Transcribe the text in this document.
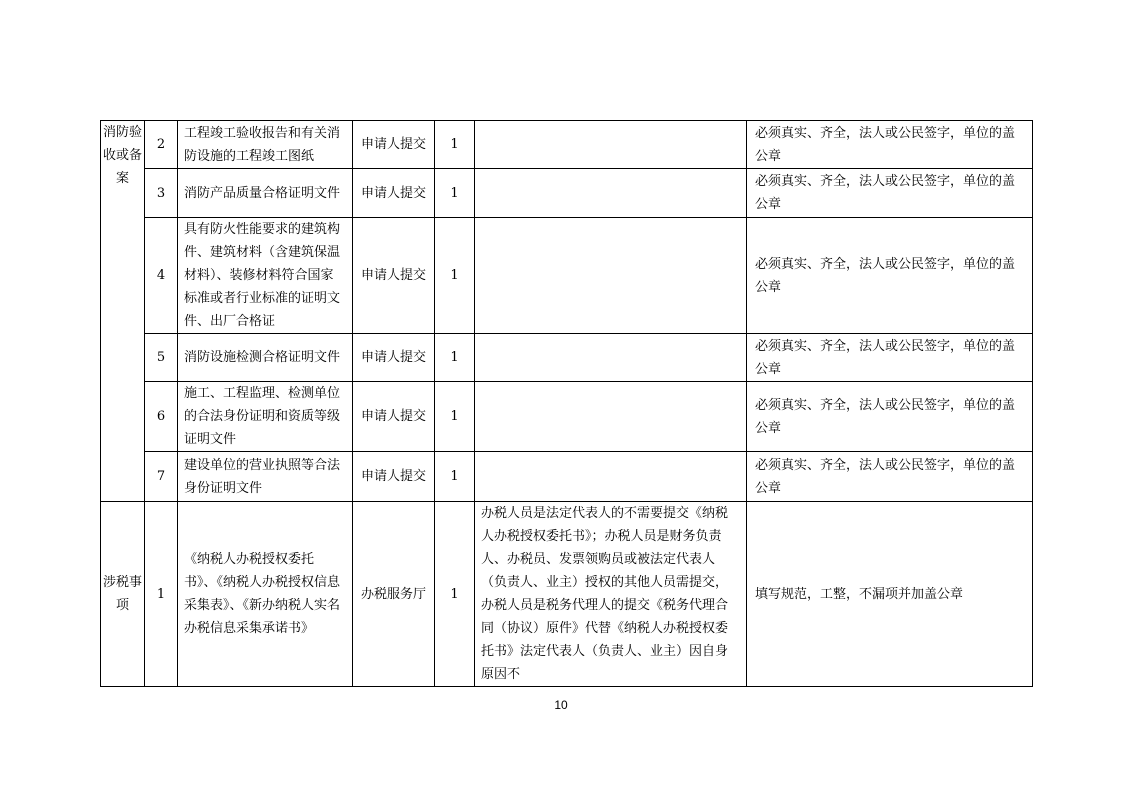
消防验收或备案	2	工程竣工验收报告和有关消防设施的工程竣工图纸	申请人提交	1		必须真实、齐全，法人或公民签字，单位的盖公章
	3	消防产品质量合格证明文件	申请人提交	1		必须真实、齐全，法人或公民签字，单位的盖公章
	4	具有防火性能要求的建筑构件、建筑材料（含建筑保温材料）、装修材料符合国家标准或者行业标准的证明文件、出厂合格证	申请人提交	1		必须真实、齐全，法人或公民签字，单位的盖公章
	5	消防设施检测合格证明文件	申请人提交	1		必须真实、齐全，法人或公民签字，单位的盖公章
	6	施工、工程监理、检测单位的合法身份证明和资质等级证明文件	申请人提交	1		必须真实、齐全，法人或公民签字，单位的盖公章
	7	建设单位的营业执照等合法身份证明文件	申请人提交	1		必须真实、齐全，法人或公民签字，单位的盖公章
涉税事项	1	《纳税人办税授权委托书》、《纳税人办税授权信息采集表》、《新办纳税人实名办税信息采集承诺书》	办税服务厅	1	办税人员是法定代表人的不需要提交《纳税人办税授权委托书》；办税人员是财务负责人、办税员、发票领购员或被法定代表人（负责人、业主）授权的其他人员需提交，办税人员是税务代理人的提交《税务代理合同（协议）原件》代替《纳税人办税授权委托书》法定代表人（负责人、业主）因自身原因不	填写规范，工整，不漏项并加盖公章
10
